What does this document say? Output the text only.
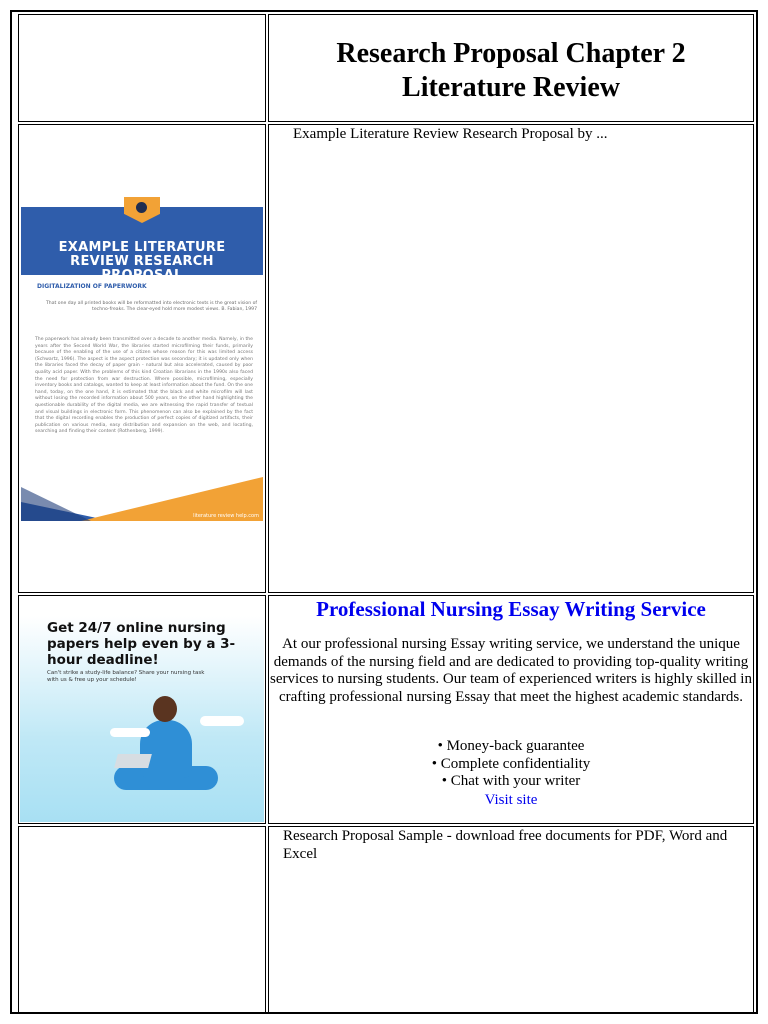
Research Proposal Chapter 2
Literature Review
EXAMPLE LITERATURE
REVIEW RESEARCH
PROPOSAL
DIGITALIZATION OF PAPERWORK
That one day all printed books will be reformatted into electronic texts is the great vision of techno-freaks. The clear-eyed hold more modest views. B. Fabian, 1997
The paperwork has already been transmitted over a decade to another media. Namely, in the years after the Second World War, the libraries started microfilming their funds, primarily because of the enabling of the use of a citizen whose reason for this was limited access (Schwartz, 1996). The aspect is the aspect protection was secondary; it is updated only when the libraries faced the decay of paper grain - natural but also accelerated, caused by poor quality acid paper. With the problems of this kind Croatian librarians in the 1990s also faced the need for protection from war destruction. Where possible, microfilming, especially inventory books and catalogs, wanted to keep at least information about the fund. On the one hand, today, on the one hand, it is estimated that the black and white microfilm will last without losing the recorded information about 500 years, on the other hand highlighting the questionable durability of the digital media, we are witnessing the rapid transfer of textual and visual buildings in electronic form. This phenomenon can also be explained by the fact that the digital recording enables the production of perfect copies of digitized artifacts, their publication on various media, easy distribution and expansion on the web, and locating, searching and finding their content (Rothenberg, 1999).
literature review help.com
Example Literature Review Research Proposal by ...
Get 24/7 online nursing papers help even by a 3-hour deadline!
Can't strike a study-life balance? Share your nursing task with us & free up your schedule!
Professional Nursing Essay Writing Service
At our professional nursing Essay writing service, we understand the unique demands of the nursing field and are dedicated to providing top-quality writing services to nursing students. Our team of experienced writers is highly skilled in crafting professional nursing Essay that meet the highest academic standards.
• Money-back guarantee
• Complete confidentiality
• Chat with your writer
Visit site
Research Proposal Sample - download free documents for PDF, Word and Excel
